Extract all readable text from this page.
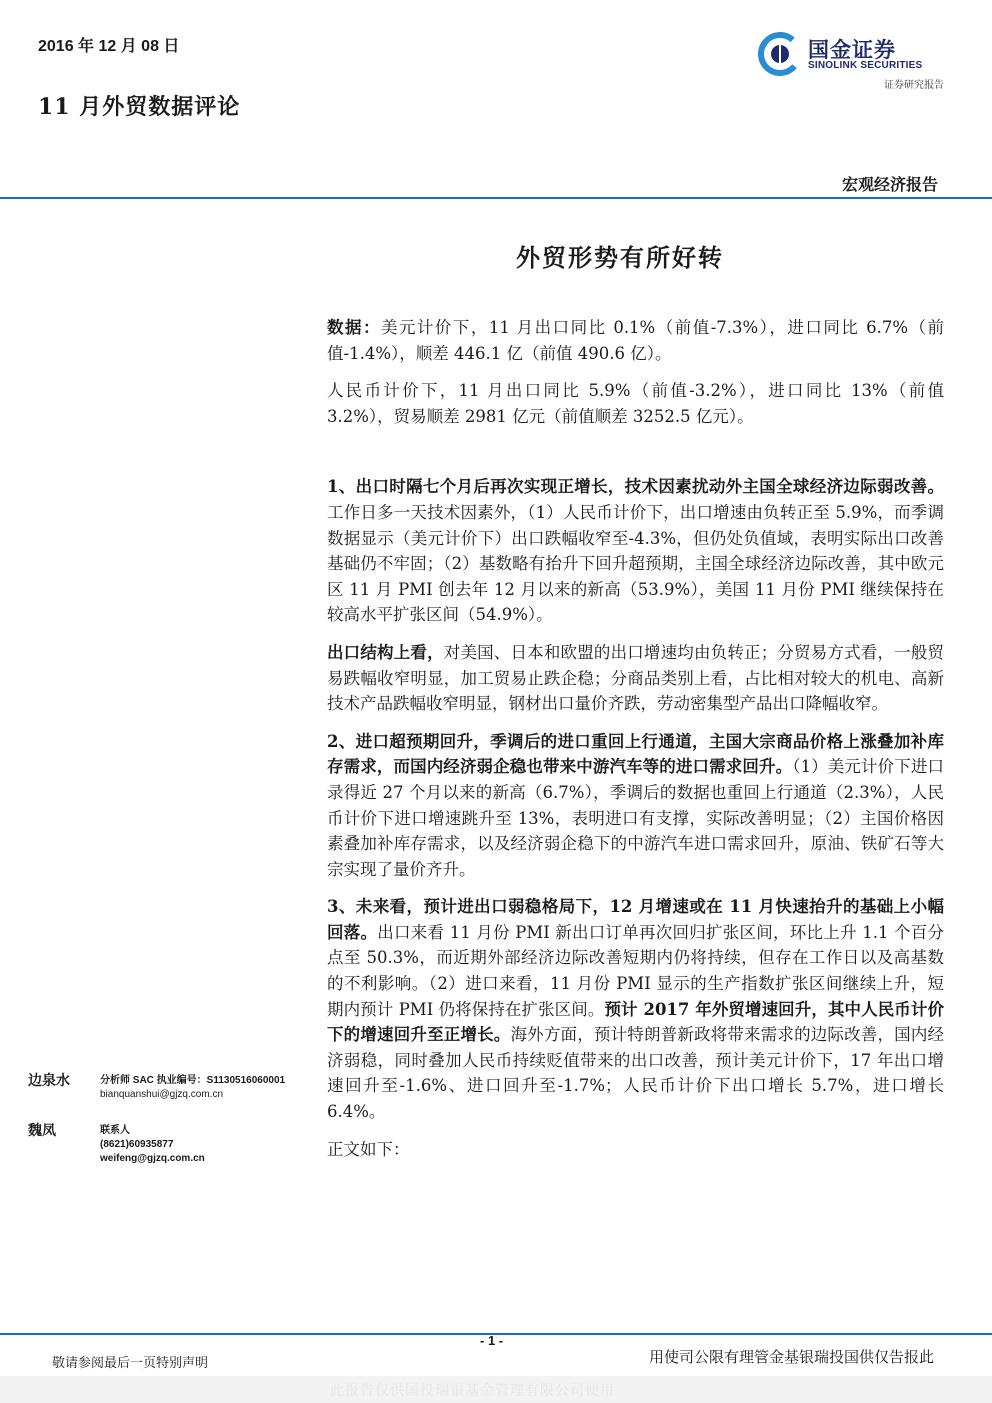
2016 年 12 月 08 日
11 月外贸数据评论
国金证券
SINOLINK SECURITIES
证券研究报告
宏观经济报告
外贸形势有所好转

数据：美元计价下，11 月出口同比 0.1%（前值-7.3%），进口同比 6.7%（前值-1.4%），顺差 446.1 亿（前值 490.6 亿）。

人民币计价下，11 月出口同比 5.9%（前值-3.2%），进口同比 13%（前值 3.2%），贸易顺差 2981 亿元（前值顺差 3252.5 亿元）。

1、出口时隔七个月后再次实现正增长，技术因素扰动外主国全球经济边际弱改善。工作日多一天技术因素外，（1）人民币计价下，出口增速由负转正至 5.9%，而季调数据显示（美元计价下）出口跌幅收窄至-4.3%，但仍处负值域，表明实际出口改善基础仍不牢固；（2）基数略有抬升下回升超预期，主国全球经济边际改善，其中欧元区 11 月 PMI 创去年 12 月以来的新高（53.9%），美国 11 月份 PMI 继续保持在较高水平扩张区间（54.9%）。

出口结构上看，对美国、日本和欧盟的出口增速均由负转正；分贸易方式看，一般贸易跌幅收窄明显，加工贸易止跌企稳；分商品类别上看，占比相对较大的机电、高新技术产品跌幅收窄明显，钢材出口量价齐跌，劳动密集型产品出口降幅收窄。

2、进口超预期回升，季调后的进口重回上行通道，主国大宗商品价格上涨叠加补库存需求，而国内经济弱企稳也带来中游汽车等的进口需求回升。（1）美元计价下进口录得近 27 个月以来的新高（6.7%），季调后的数据也重回上行通道（2.3%），人民币计价下进口增速跳升至 13%，表明进口有支撑，实际改善明显；（2）主国价格因素叠加补库存需求，以及经济弱企稳下的中游汽车进口需求回升，原油、铁矿石等大宗实现了量价齐升。

3、未来看，预计进出口弱稳格局下，12 月增速或在 11 月快速抬升的基础上小幅回落。出口来看 11 月份 PMI 新出口订单再次回归扩张区间，环比上升 1.1 个百分点至 50.3%，而近期外部经济边际改善短期内仍将持续，但存在工作日以及高基数的不利影响。（2）进口来看，11 月份 PMI 显示的生产指数扩张区间继续上升，短期内预计 PMI 仍将保持在扩张区间。预计 2017 年外贸增速回升，其中人民币计价下的增速回升至正增长。海外方面，预计特朗普新政将带来需求的边际改善，国内经济弱稳，同时叠加人民币持续贬值带来的出口改善，预计美元计价下，17 年出口增速回升至-1.6%、进口回升至-1.7%；人民币计价下出口增长 5.7%，进口增长 6.4%。

正文如下：

边泉水	分析师 SAC 执业编号：S1130516060001
bianquanshui@gjzq.com.cn
魏凤	联系人
(8621)60935877
weifeng@gjzq.com.cn
- 1 -
敬请参阅最后一页特别声明	用使司公限有理管金基银瑞投国供仅告报此
此报告仅供国投瑞银基金管理有限公司使用
